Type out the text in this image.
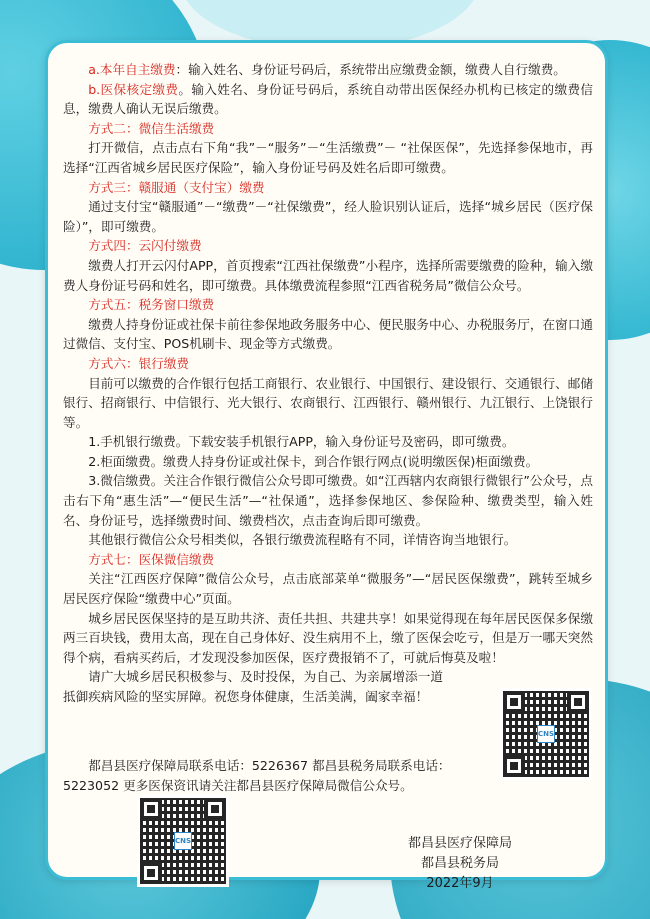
a.本年自主缴费：输入姓名、身份证号码后，系统带出应缴费金额，缴费人自行缴费。

b.医保核定缴费。输入姓名、身份证号码后，系统自动带出医保经办机构已核定的缴费信息，缴费人确认无误后缴费。

方式二：微信生活缴费

打开微信，点击点右下角“我”－“服务”－“生活缴费”－ “社保医保”，先选择参保地市，再选择“江西省城乡居民医疗保险”，输入身份证号码及姓名后即可缴费。

方式三：赣服通（支付宝）缴费

通过支付宝“赣服通”－“缴费”－“社保缴费”，经人脸识别认证后，选择“城乡居民（医疗保险）”，即可缴费。

方式四：云闪付缴费

缴费人打开云闪付APP，首页搜索“江西社保缴费”小程序，选择所需要缴费的险种，输入缴费人身份证号码和姓名，即可缴费。具体缴费流程参照“江西省税务局”微信公众号。

方式五：税务窗口缴费

缴费人持身份证或社保卡前往参保地政务服务中心、便民服务中心、办税服务厅，在窗口通过微信、支付宝、POS机刷卡、现金等方式缴费。

方式六：银行缴费

目前可以缴费的合作银行包括工商银行、农业银行、中国银行、建设银行、交通银行、邮储银行、招商银行、中信银行、光大银行、农商银行、江西银行、赣州银行、九江银行、上饶银行等。

1.手机银行缴费。下载安装手机银行APP，输入身份证号及密码，即可缴费。

2.柜面缴费。缴费人持身份证或社保卡，到合作银行网点(说明缴医保)柜面缴费。

3.微信缴费。关注合作银行微信公众号即可缴费。如“江西辖内农商银行微银行”公众号，点击右下角“惠生活”—“便民生活”—“社保通”，选择参保地区、参保险种、缴费类型，输入姓名、身份证号，选择缴费时间、缴费档次，点击查询后即可缴费。

其他银行微信公众号相类似，各银行缴费流程略有不同，详情咨询当地银行。

方式七：医保微信缴费

关注“江西医疗保障”微信公众号，点击底部菜单“微服务”—“居民医保缴费”，跳转至城乡居民医疗保险“缴费中心”页面。

城乡居民医保坚持的是互助共济、责任共担、共建共享！如果觉得现在每年居民医保多保缴两三百块钱，费用太高，现在自己身体好、没生病用不上，缴了医保会吃亏，但是万一哪天突然得个病，看病买药后，才发现没参加医保，医疗费报销不了，可就后悔莫及啦！

请广大城乡居民积极参与、及时投保，为自己、为亲属增添一道抵御疾病风险的坚实屏障。祝您身体健康，生活美满，阖家幸福！

都昌县医疗保障局联系电话：5226367 都昌县税务局联系电话：5223052 更多医保资讯请关注都昌县医疗保障局微信公众号。

CNS
CNS	都昌县医疗保障局
都昌县税务局
2022年9月
